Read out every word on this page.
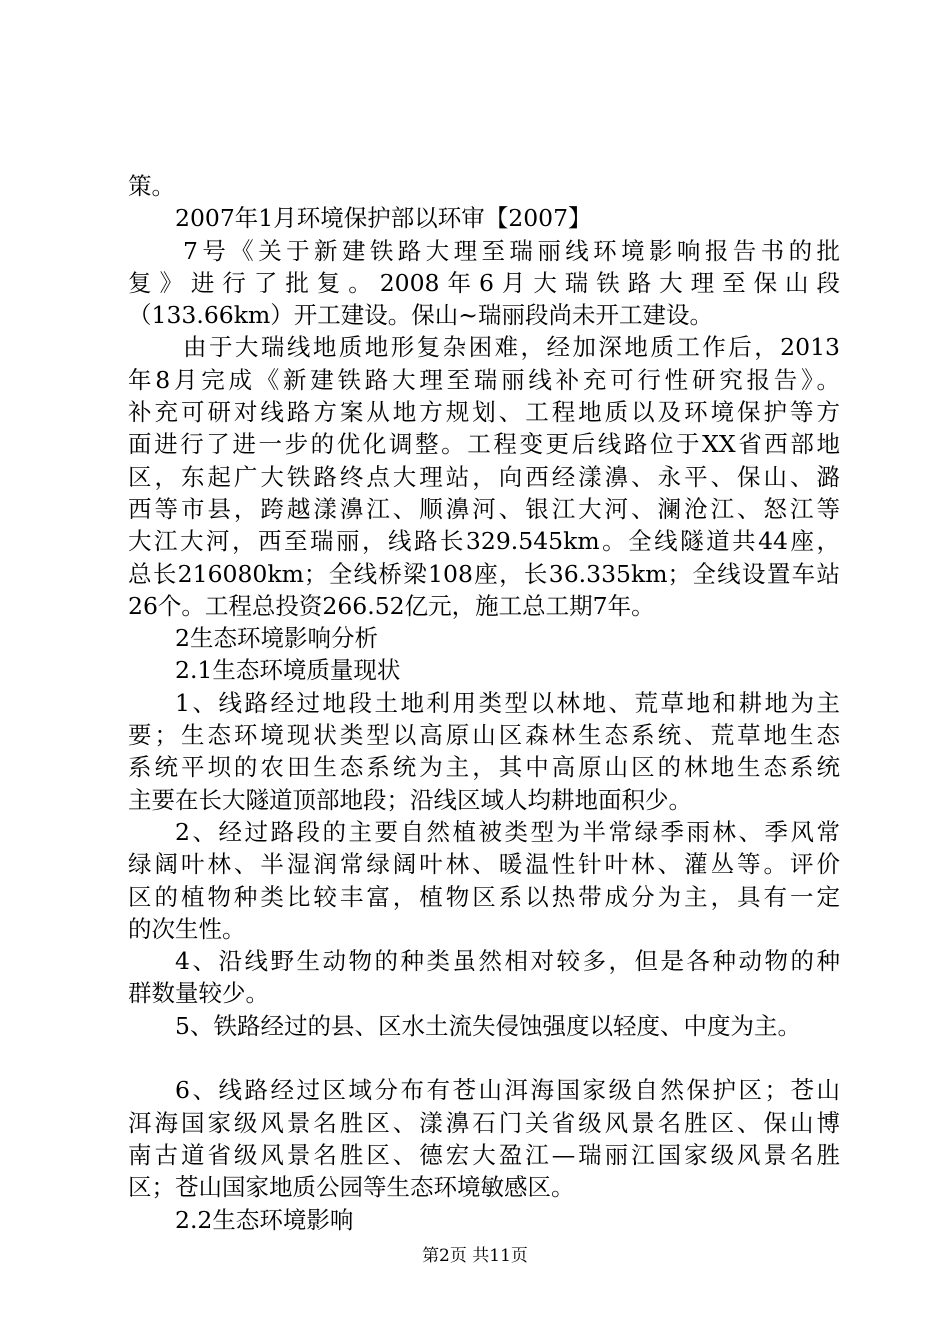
策。
2007年1月环境保护部以环审【2007】
7号《关于新建铁路大理至瑞丽线环境影响报告书的批
复》进行了批复。2008年6月大瑞铁路大理至保山段
（133.66km）开工建设。保山~瑞丽段尚未开工建设。
由于大瑞线地质地形复杂困难，经加深地质工作后，2013
年8月完成《新建铁路大理至瑞丽线补充可行性研究报告》。
补充可研对线路方案从地方规划、工程地质以及环境保护等方
面进行了进一步的优化调整。工程变更后线路位于XX省西部地
区，东起广大铁路终点大理站，向西经漾濞、永平、保山、潞
西等市县，跨越漾濞江、顺濞河、银江大河、澜沧江、怒江等
大江大河，西至瑞丽，线路长329.545km。全线隧道共44座，
总长216080km；全线桥梁108座，长36.335km；全线设置车站
26个。工程总投资266.52亿元，施工总工期7年。
2生态环境影响分析
2.1生态环境质量现状
1、线路经过地段土地利用类型以林地、荒草地和耕地为主
要；生态环境现状类型以高原山区森林生态系统、荒草地生态
系统平坝的农田生态系统为主，其中高原山区的林地生态系统
主要在长大隧道顶部地段；沿线区域人均耕地面积少。
2、经过路段的主要自然植被类型为半常绿季雨林、季风常
绿阔叶林、半湿润常绿阔叶林、暖温性针叶林、灌丛等。评价
区的植物种类比较丰富，植物区系以热带成分为主，具有一定
的次生性。
4、沿线野生动物的种类虽然相对较多，但是各种动物的种
群数量较少。
5、铁路经过的县、区水土流失侵蚀强度以轻度、中度为主。
6、线路经过区域分布有苍山洱海国家级自然保护区；苍山
洱海国家级风景名胜区、漾濞石门关省级风景名胜区、保山博
南古道省级风景名胜区、德宏大盈江—瑞丽江国家级风景名胜
区；苍山国家地质公园等生态环境敏感区。
2.2生态环境影响
第2页 共11页
